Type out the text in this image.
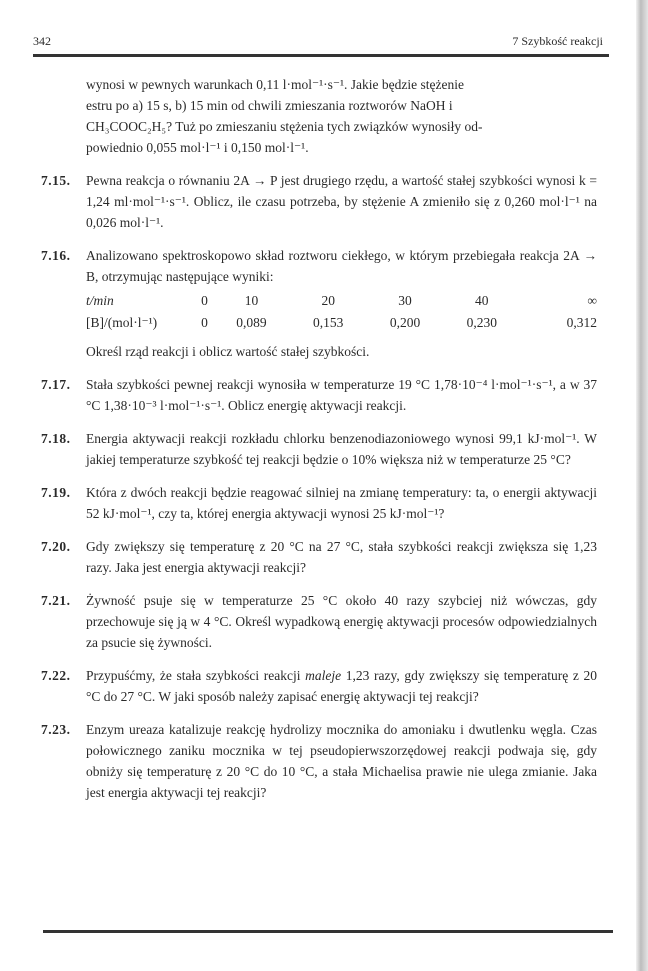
342	7 Szybkość reakcji
wynosi w pewnych warunkach 0,11 l·mol⁻¹·s⁻¹. Jakie będzie stężenie
estru po a) 15 s, b) 15 min od chwili zmieszania roztworów NaOH i
CH₃COOC₂H₅? Tuż po zmieszaniu stężenia tych związków wynosiły od-
powiednio 0,055 mol·l⁻¹ i 0,150 mol·l⁻¹.
7.15. Pewna reakcja o równaniu 2A → P jest drugiego rzędu, a wartość stałej szybkości wynosi k = 1,24 ml·mol⁻¹·s⁻¹. Oblicz, ile czasu potrzeba, by stężenie A zmieniło się z 0,260 mol·l⁻¹ na 0,026 mol·l⁻¹.

7.16. Analizowano spektroskopowo skład roztworu ciekłego, w którym przebiegała reakcja 2A → B, otrzymując następujące wyniki:

t/min	0	10	20	30	40	∞
[B]/(mol·l⁻¹)	0	0,089	0,153	0,200	0,230	0,312

Określ rząd reakcji i oblicz wartość stałej szybkości.

7.17. Stała szybkości pewnej reakcji wynosiła w temperaturze 19 °C 1,78·10⁻⁴ l·mol⁻¹·s⁻¹, a w 37 °C 1,38·10⁻³ l·mol⁻¹·s⁻¹. Oblicz energię aktywacji reakcji.

7.18. Energia aktywacji reakcji rozkładu chlorku benzenodiazoniowego wynosi 99,1 kJ·mol⁻¹. W jakiej temperaturze szybkość tej reakcji będzie o 10% większa niż w temperaturze 25 °C?

7.19. Która z dwóch reakcji będzie reagować silniej na zmianę temperatury: ta, o energii aktywacji 52 kJ·mol⁻¹, czy ta, której energia aktywacji wynosi 25 kJ·mol⁻¹?

7.20. Gdy zwiększy się temperaturę z 20 °C na 27 °C, stała szybkości reakcji zwiększa się 1,23 razy. Jaka jest energia aktywacji reakcji?

7.21. Żywność psuje się w temperaturze 25 °C około 40 razy szybciej niż wówczas, gdy przechowuje się ją w 4 °C. Określ wypadkową energię aktywacji procesów odpowiedzialnych za psucie się żywności.

7.22. Przypuśćmy, że stała szybkości reakcji maleje 1,23 razy, gdy zwiększy się temperaturę z 20 °C do 27 °C. W jaki sposób należy zapisać energię aktywacji tej reakcji?

7.23. Enzym ureaza katalizuje reakcję hydrolizy mocznika do amoniaku i dwutlenku węgla. Czas połowicznego zaniku mocznika w tej pseudopierwszorzędowej reakcji podwaja się, gdy obniży się temperaturę z 20 °C do 10 °C, a stała Michaelisa prawie nie ulega zmianie. Jaka jest energia aktywacji tej reakcji?
